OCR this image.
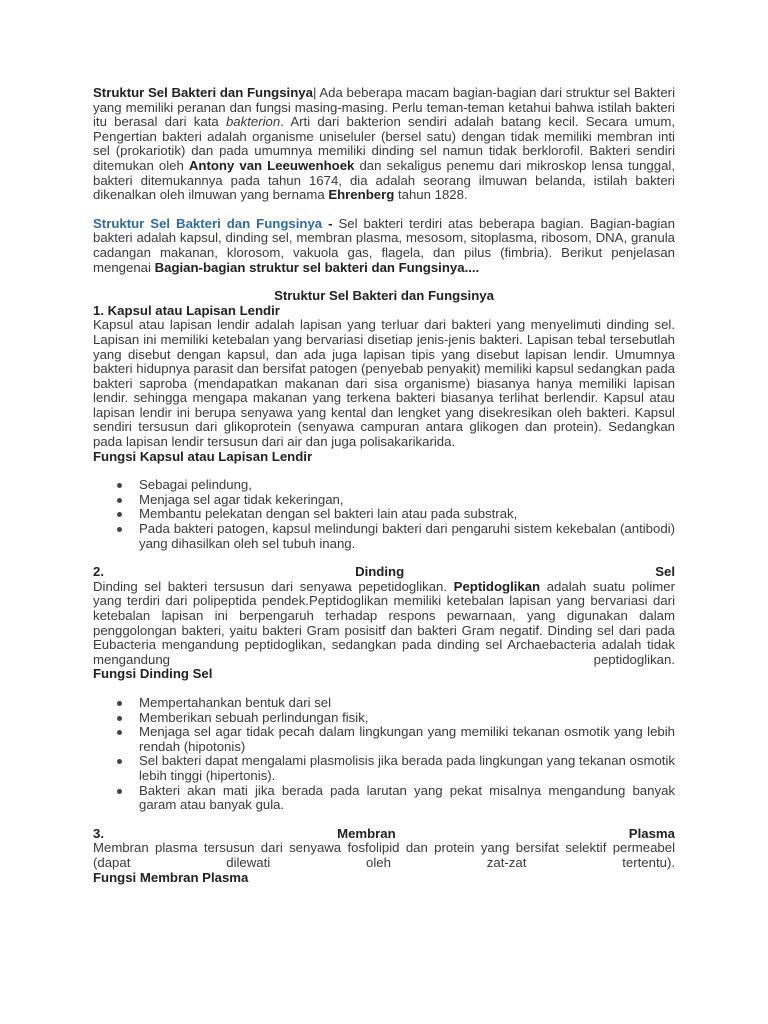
Struktur Sel Bakteri dan Fungsinya| Ada beberapa macam bagian-bagian dari struktur sel Bakteri yang memiliki peranan dan fungsi masing-masing. Perlu teman-teman ketahui bahwa istilah bakteri itu berasal dari kata bakterion. Arti dari bakterion sendiri adalah batang kecil. Secara umum, Pengertian bakteri adalah organisme uniseluler (bersel satu) dengan tidak memiliki membran inti sel (prokariotik) dan pada umumnya memiliki dinding sel namun tidak berklorofil. Bakteri sendiri ditemukan oleh Antony van Leeuwenhoek dan sekaligus penemu dari mikroskop lensa tunggal, bakteri ditemukannya pada tahun 1674, dia adalah seorang ilmuwan belanda, istilah bakteri dikenalkan oleh ilmuwan yang bernama Ehrenberg tahun 1828.

Struktur Sel Bakteri dan Fungsinya - Sel bakteri terdiri atas beberapa bagian. Bagian-bagian bakteri adalah kapsul, dinding sel, membran plasma, mesosom, sitoplasma, ribosom, DNA, granula cadangan makanan, klorosom, vakuola gas, flagela, dan pilus (fimbria). Berikut penjelasan mengenai Bagian-bagian struktur sel bakteri dan Fungsinya....

Struktur Sel Bakteri dan Fungsinya

1. Kapsul atau Lapisan Lendir

Kapsul atau lapisan lendir adalah lapisan yang terluar dari bakteri yang menyelimuti dinding sel. Lapisan ini memiliki ketebalan yang bervariasi disetiap jenis-jenis bakteri. Lapisan tebal tersebutlah yang disebut dengan kapsul, dan ada juga lapisan tipis yang disebut lapisan lendir. Umumnya bakteri hidupnya parasit dan bersifat patogen (penyebab penyakit) memiliki kapsul sedangkan pada bakteri saproba (mendapatkan makanan dari sisa organisme) biasanya hanya memiliki lapisan lendir. sehingga mengapa makanan yang terkena bakteri biasanya terlihat berlendir. Kapsul atau lapisan lendir ini berupa senyawa yang kental dan lengket yang disekresikan oleh bakteri. Kapsul sendiri tersusun dari glikoprotein (senyawa campuran antara glikogen dan protein). Sedangkan pada lapisan lendir tersusun dari air dan juga polisakarikarida.

Fungsi Kapsul atau Lapisan Lendir

Sebagai pelindung,
Menjaga sel agar tidak kekeringan,
Membantu pelekatan dengan sel bakteri lain atau pada substrak,
Pada bakteri patogen, kapsul melindungi bakteri dari pengaruhi sistem kekebalan (antibodi) yang dihasilkan oleh sel tubuh inang.
2.	Dinding	Sel

Dinding sel bakteri tersusun dari senyawa pepetidoglikan. Peptidoglikan adalah suatu polimer yang terdiri dari polipeptida pendek.Peptidoglikan memiliki ketebalan lapisan yang bervariasi dari ketebalan lapisan ini berpengaruh terhadap respons pewarnaan, yang digunakan dalam penggolongan bakteri, yaitu bakteri Gram posisitf dan bakteri Gram negatif. Dinding sel dari pada Eubacteria mengandung peptidoglikan, sedangkan pada dinding sel Archaebacteria adalah tidak mengandung peptidoglikan.

Fungsi Dinding Sel

Mempertahankan bentuk dari sel
Memberikan sebuah perlindungan fisik,
Menjaga sel agar tidak pecah dalam lingkungan yang memiliki tekanan osmotik yang lebih rendah (hipotonis)
Sel bakteri dapat mengalami plasmolisis jika berada pada lingkungan yang tekanan osmotik lebih tinggi (hipertonis).
Bakteri akan mati jika berada pada larutan yang pekat misalnya mengandung banyak garam atau banyak gula.
3.	Membran	Plasma

Membran plasma tersusun dari senyawa fosfolipid dan protein yang bersifat selektif permeabel (dapat dilewati oleh zat-zat tertentu).

Fungsi Membran Plasma
